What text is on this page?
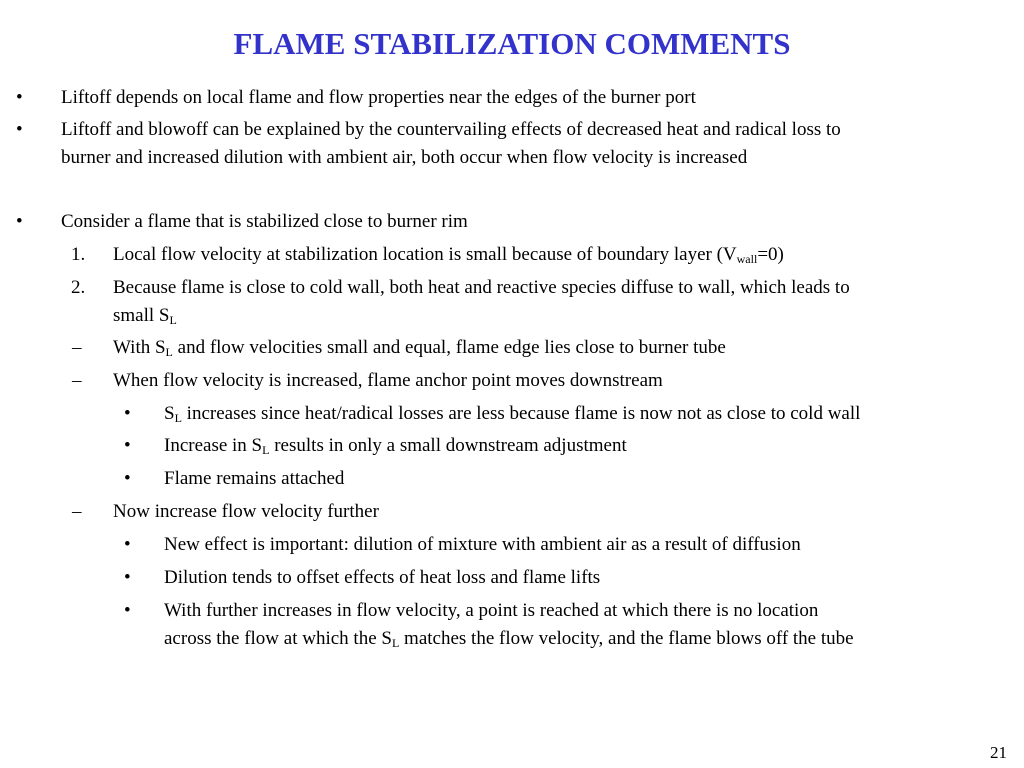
FLAME STABILIZATION COMMENTS
• Liftoff depends on local flame and flow properties near the edges of the burner port
• Liftoff and blowoff can be explained by the countervailing effects of decreased heat and radical loss to
burner and increased dilution with ambient air, both occur when flow velocity is increased
• Consider a flame that is stabilized close to burner rim
1. Local flow velocity at stabilization location is small because of boundary layer $(V_{wall}=0)$
2. Because flame is close to cold wall, both heat and reactive species diffuse to wall, which leads to
small $S_L$
– With $S_L$ and flow velocities small and equal, flame edge lies close to burner tube
– When flow velocity is increased, flame anchor point moves downstream
• $S_L$ increases since heat/radical losses are less because flame is now not as close to cold wall
• Increase in $S_L$ results in only a small downstream adjustment
• Flame remains attached
– Now increase flow velocity further
• New effect is important: dilution of mixture with ambient air as a result of diffusion
• Dilution tends to offset effects of heat loss and flame lifts
• With further increases in flow velocity, a point is reached at which there is no location
across the flow at which the $S_L$ matches the flow velocity, and the flame blows off the tube
21
